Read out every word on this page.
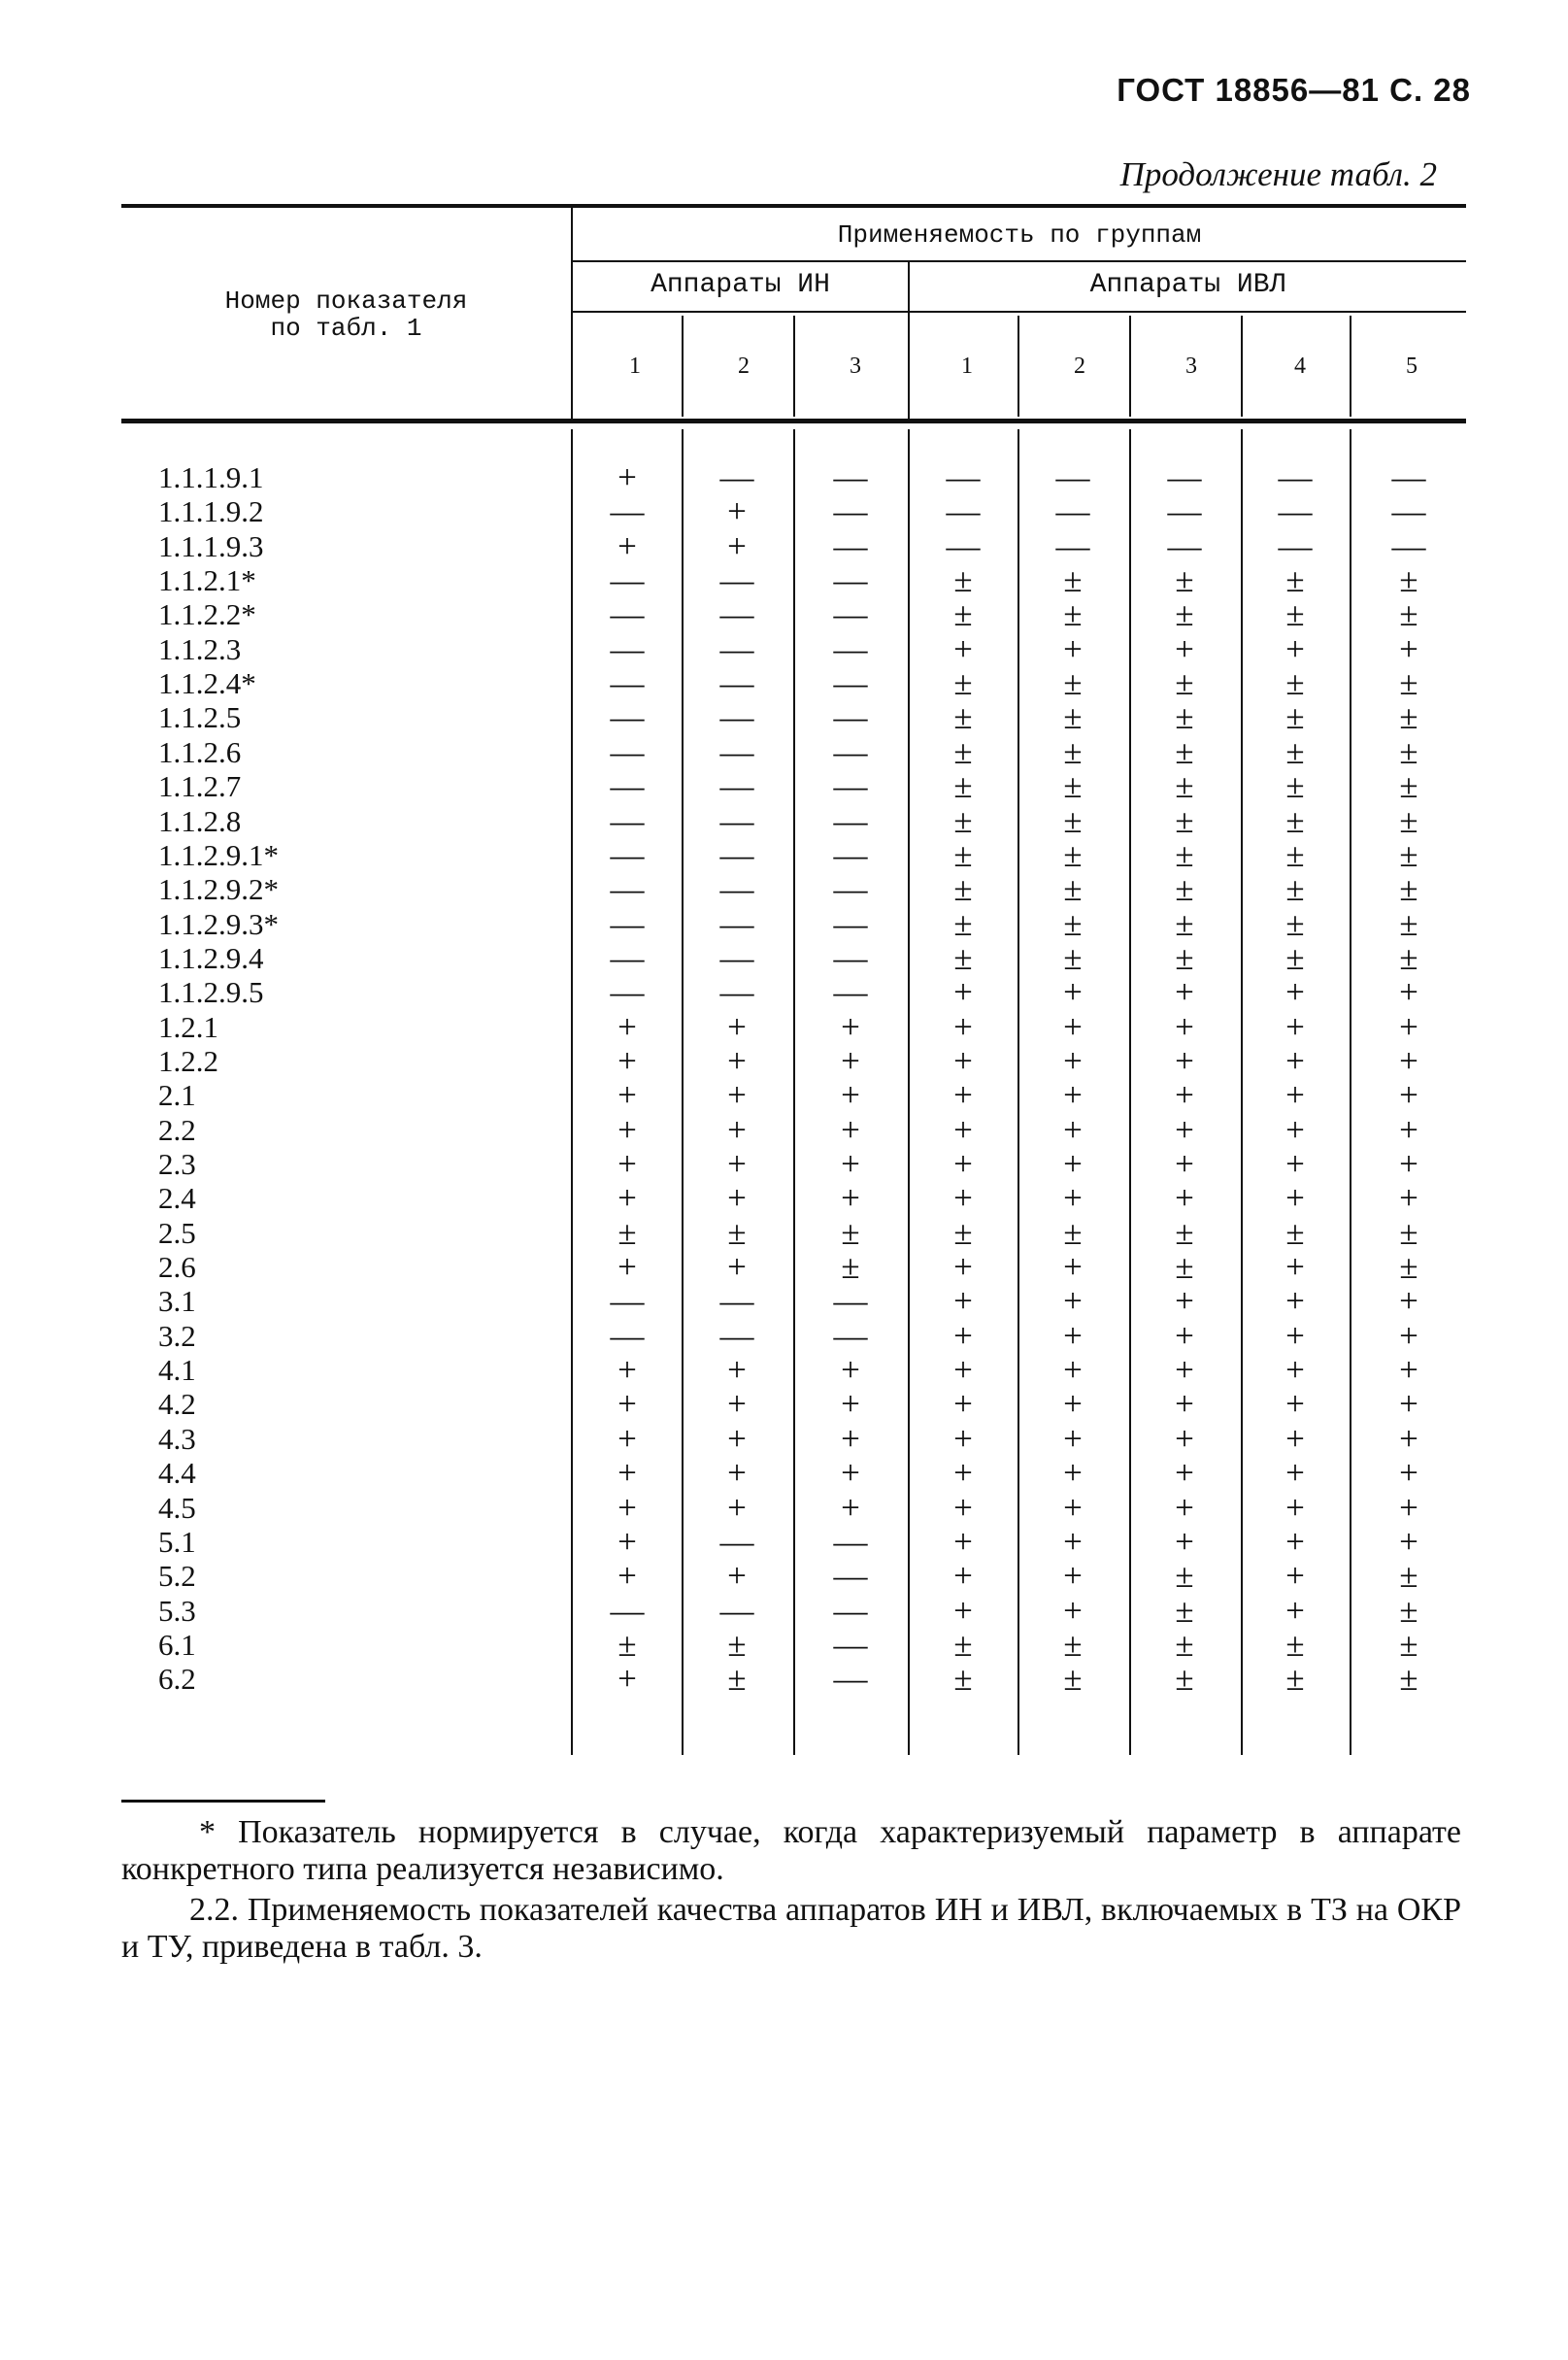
ГОСТ 18856—81 С. 28
Продолжение табл. 2
Номер показателя
по табл. 1
Применяемость по группам
Аппараты ИН	Аппараты ИВЛ
1	2	3	1	2	3	4	5
1.1.1.9.1	+	—	—	—	—	—	—	—
1.1.1.9.2	—	+	—	—	—	—	—	—
1.1.1.9.3	+	+	—	—	—	—	—	—
1.1.2.1*	—	—	—	±	±	±	±	±
1.1.2.2*	—	—	—	±	±	±	±	±
1.1.2.3	—	—	—	+	+	+	+	+
1.1.2.4*	—	—	—	±	±	±	±	±
1.1.2.5	—	—	—	±	±	±	±	±
1.1.2.6	—	—	—	±	±	±	±	±
1.1.2.7	—	—	—	±	±	±	±	±
1.1.2.8	—	—	—	±	±	±	±	±
1.1.2.9.1*	—	—	—	±	±	±	±	±
1.1.2.9.2*	—	—	—	±	±	±	±	±
1.1.2.9.3*	—	—	—	±	±	±	±	±
1.1.2.9.4	—	—	—	±	±	±	±	±
1.1.2.9.5	—	—	—	+	+	+	+	+
1.2.1	+	+	+	+	+	+	+	+
1.2.2	+	+	+	+	+	+	+	+
2.1	+	+	+	+	+	+	+	+
2.2	+	+	+	+	+	+	+	+
2.3	+	+	+	+	+	+	+	+
2.4	+	+	+	+	+	+	+	+
2.5	±	±	±	±	±	±	±	±
2.6	+	+	±	+	+	±	+	±
3.1	—	—	—	+	+	+	+	+
3.2	—	—	—	+	+	+	+	+
4.1	+	+	+	+	+	+	+	+
4.2	+	+	+	+	+	+	+	+
4.3	+	+	+	+	+	+	+	+
4.4	+	+	+	+	+	+	+	+
4.5	+	+	+	+	+	+	+	+
5.1	+	—	—	+	+	+	+	+
5.2	+	+	—	+	+	±	+	±
5.3	—	—	—	+	+	±	+	±
6.1	±	±	—	±	±	±	±	±
6.2	+	±	—	±	±	±	±	±
* Показатель нормируется в случае, когда характеризуемый параметр в аппарате конкретного типа реализуется независимо.
2.2. Применяемость показателей качества аппаратов ИН и ИВЛ, включаемых в ТЗ на ОКР и ТУ, приведена в табл. 3.
